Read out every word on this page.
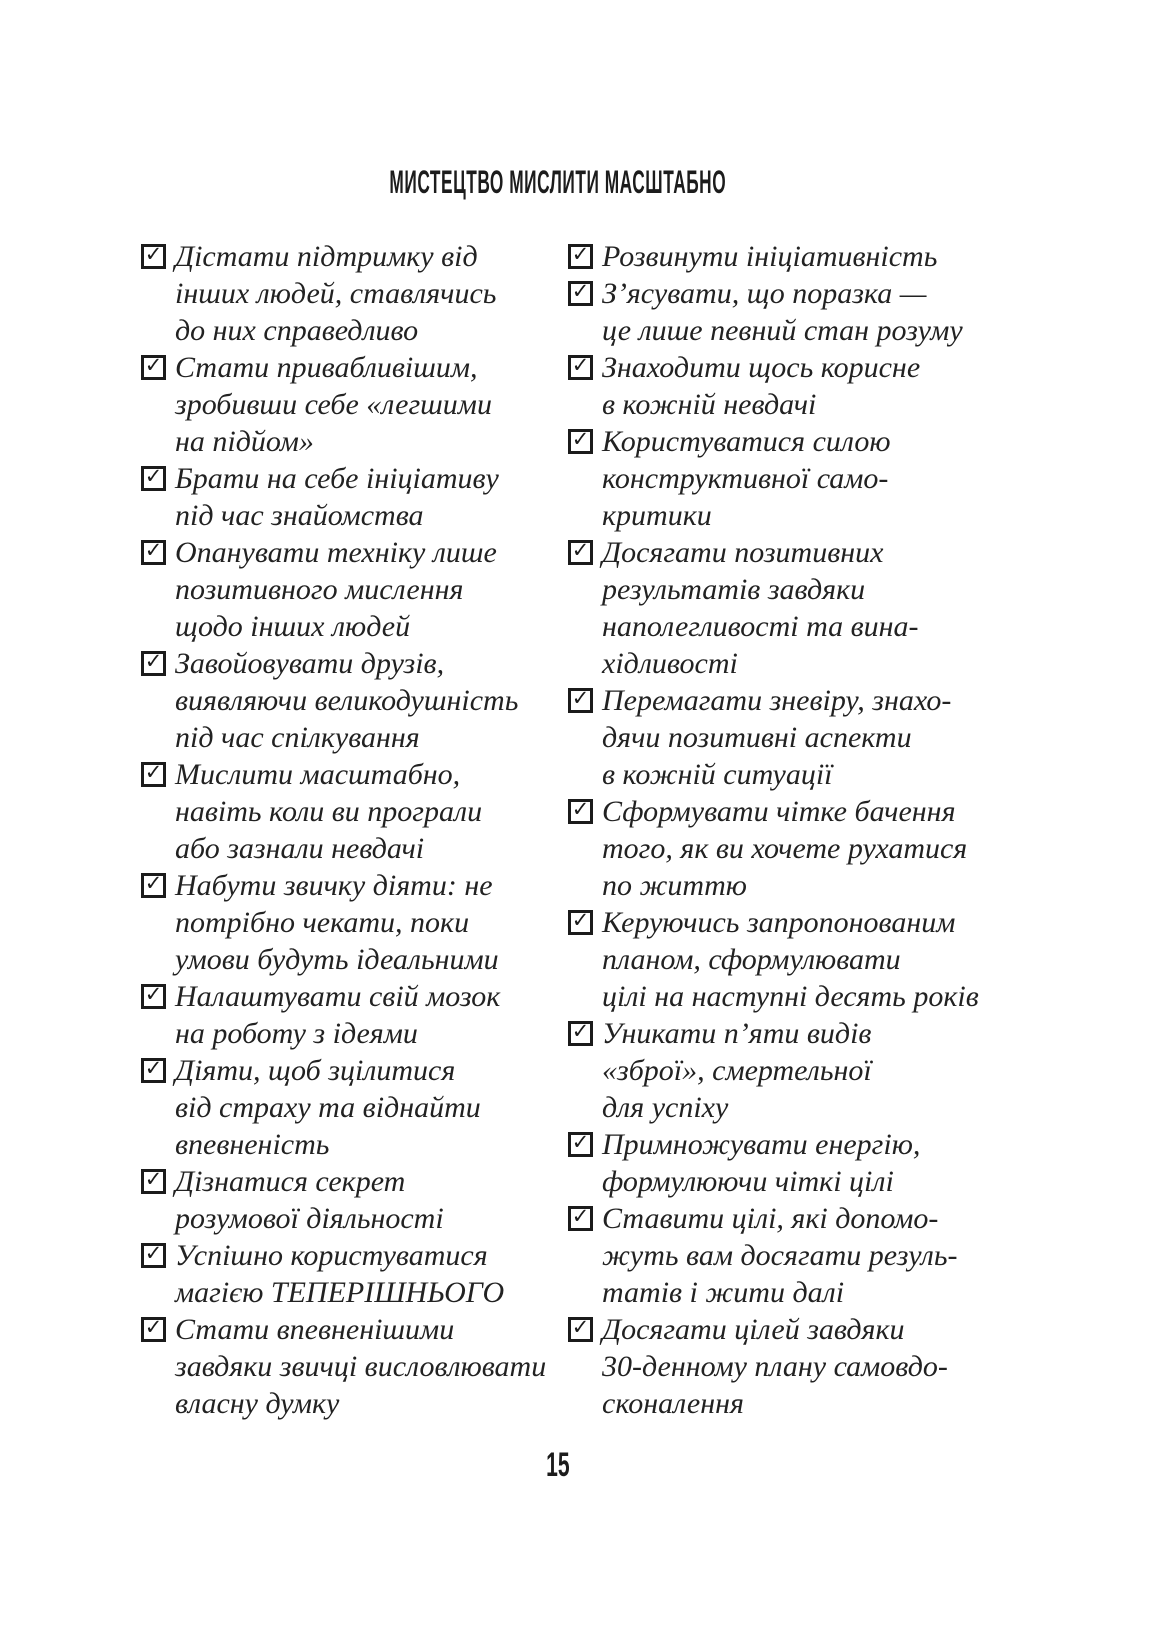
МИСТЕЦТВО МИСЛИТИ МАСШТАБНО
✓ Дістати підтримку від
інших людей, ставлячись
до них справедливо
✓ Стати привабливішим,
зробивши себе «легшими
на підйом»
✓ Брати на себе ініціативу
під час знайомства
✓ Опанувати техніку лише
позитивного мислення
щодо інших людей
✓ Завойовувати друзів,
виявляючи великодушність
під час спілкування
✓ Мислити масштабно,
навіть коли ви програли
або зазнали невдачі
✓ Набути звичку діяти: не
потрібно чекати, поки
умови будуть ідеальними
✓ Налаштувати свій мозок
на роботу з ідеями
✓ Діяти, щоб зцілитися
від страху та віднайти
впевненість
✓ Дізнатися секрет
розумової діяльності
✓ Успішно користуватися
магією ТЕПЕРІШНЬОГО
✓ Стати впевненішими
завдяки звичці висловлювати
власну думку
✓ Розвинути ініціативність
✓ З’ясувати, що поразка —
це лише певний стан розуму
✓ Знаходити щось корисне
в кожній невдачі
✓ Користуватися силою
конструктивної само-
критики
✓ Досягати позитивних
результатів завдяки
наполегливості та вина-
хідливості
✓ Перемагати зневіру, знахо-
дячи позитивні аспекти
в кожній ситуації
✓ Сформувати чітке бачення
того, як ви хочете рухатися
по життю
✓ Керуючись запропонованим
планом, сформулювати
цілі на наступні десять років
✓ Уникати п’яти видів
«зброї», смертельної
для успіху
✓ Примножувати енергію,
формулюючи чіткі цілі
✓ Ставити цілі, які допомо-
жуть вам досягати резуль-
татів і жити далі
✓ Досягати цілей завдяки
30-денному плану самовдо-
сконалення
15
